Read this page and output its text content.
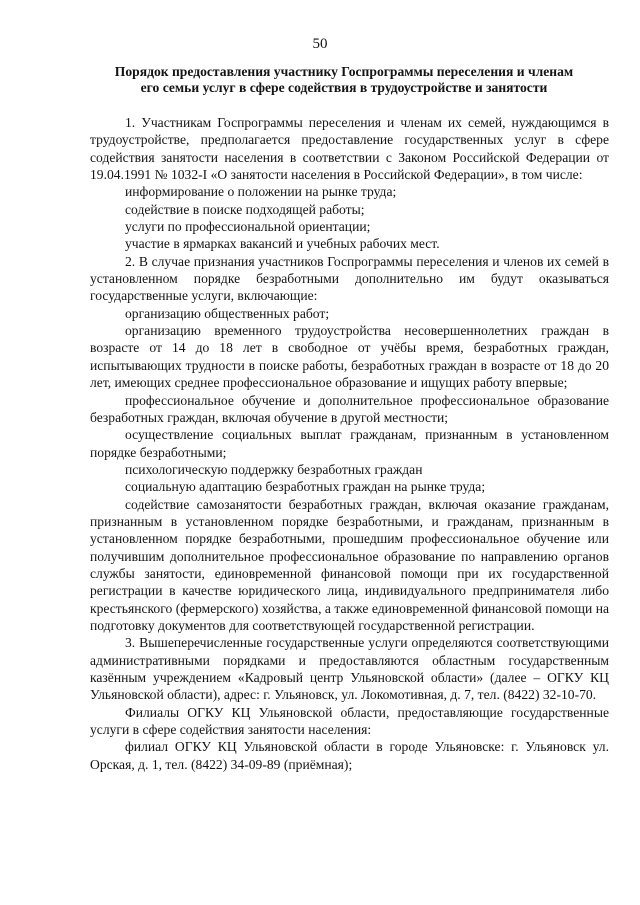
50
Порядок предоставления участнику Госпрограммы переселения и членам
его семьи услуг в сфере содействия в трудоустройстве и занятости

1. Участникам Госпрограммы переселения и членам их семей, нуждающимся в трудоустройстве, предполагается предоставление государственных услуг в сфере содействия занятости населения в соответствии с Законом Российской Федерации от 19.04.1991 № 1032-I «О занятости населения в Российской Федерации», в том числе:

информирование о положении на рынке труда;

содействие в поиске подходящей работы;

услуги по профессиональной ориентации;

участие в ярмарках вакансий и учебных рабочих мест.

2. В случае признания участников Госпрограммы переселения и членов их семей в установленном порядке безработными дополнительно им будут оказываться государственные услуги, включающие:

организацию общественных работ;

организацию временного трудоустройства несовершеннолетних граждан в возрасте от 14 до 18 лет в свободное от учёбы время, безработных граждан, испытывающих трудности в поиске работы, безработных граждан в возрасте от 18 до 20 лет, имеющих среднее профессиональное образование и ищущих работу впервые;

профессиональное обучение и дополнительное профессиональное образование безработных граждан, включая обучение в другой местности;

осуществление социальных выплат гражданам, признанным в установленном порядке безработными;

психологическую поддержку безработных граждан

социальную адаптацию безработных граждан на рынке труда;

содействие самозанятости безработных граждан, включая оказание гражданам, признанным в установленном порядке безработными, и гражданам, признанным в установленном порядке безработными, прошедшим профессиональное обучение или получившим дополнительное профессиональное образование по направлению органов службы занятости, единовременной финансовой помощи при их государственной регистрации в качестве юридического лица, индивидуального предпринимателя либо крестьянского (фермерского) хозяйства, а также единовременной финансовой помощи на подготовку документов для соответствующей государственной регистрации.

3. Вышеперечисленные государственные услуги определяются соответствующими административными порядками и предоставляются областным государственным казённым учреждением «Кадровый центр Ульяновской области» (далее – ОГКУ КЦ Ульяновской области), адрес: г. Ульяновск, ул. Локомотивная, д. 7, тел. (8422) 32-10-70.

Филиалы ОГКУ КЦ Ульяновской области, предоставляющие государственные услуги в сфере содействия занятости населения:

филиал ОГКУ КЦ Ульяновской области в городе Ульяновске: г. Ульяновск ул. Орская, д. 1, тел. (8422) 34-09-89 (приёмная);
